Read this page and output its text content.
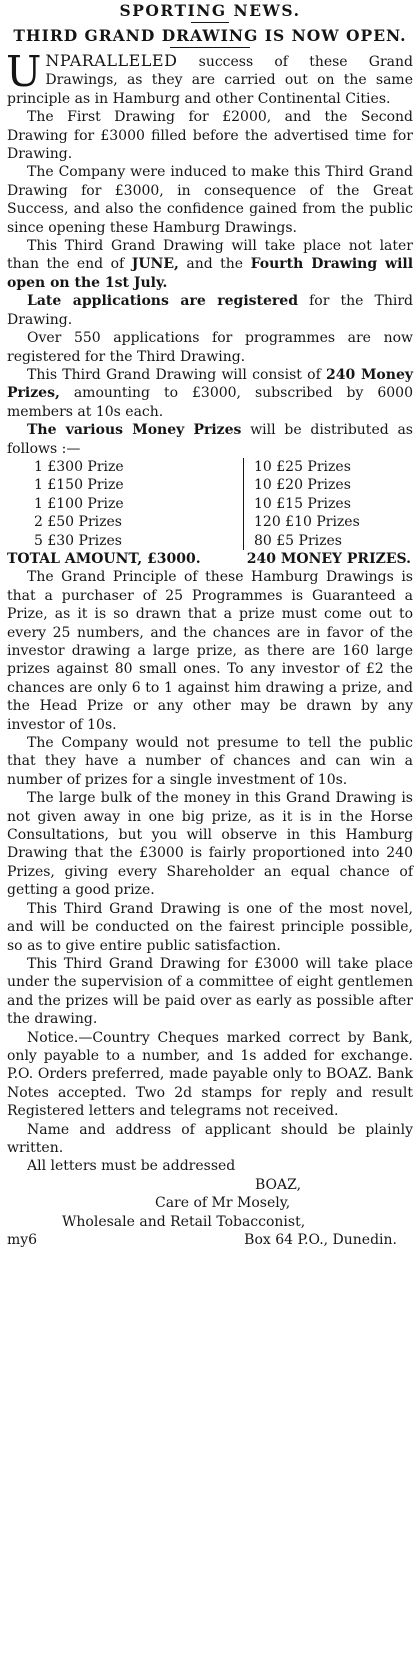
SPORTING NEWS.
THIRD GRAND DRAWING IS NOW OPEN.

UNPARALLELED success of these Grand Drawings, as they are carried out on the same principle as in Hamburg and other Continental Cities.

The First Drawing for £2000, and the Second Drawing for £3000 filled before the advertised time for Drawing.

The Company were induced to make this Third Grand Drawing for £3000, in consequence of the Great Success, and also the confidence gained from the public since opening these Hamburg Drawings.

This Third Grand Drawing will take place not later than the end of JUNE, and the Fourth Drawing will open on the 1st July.

Late applications are registered for the Third Drawing.

Over 550 applications for programmes are now registered for the Third Drawing.

This Third Grand Drawing will consist of 240 Money Prizes, amounting to £3000, subscribed by 6000 members at 10s each.

The various Money Prizes will be distributed as follows :—

1 £300 Prize
1 £150 Prize
1 £100 Prize
2 £50 Prizes
5 £30 Prizes
10 £25 Prizes
10 £20 Prizes
10 £15 Prizes
120 £10 Prizes
80 £5 Prizes

TOTAL AMOUNT, £3000.	240 MONEY PRIZES.

The Grand Principle of these Hamburg Drawings is that a purchaser of 25 Programmes is Guaranteed a Prize, as it is so drawn that a prize must come out to every 25 numbers, and the chances are in favor of the investor drawing a large prize, as there are 160 large prizes against 80 small ones. To any investor of £2 the chances are only 6 to 1 against him drawing a prize, and the Head Prize or any other may be drawn by any investor of 10s.

The Company would not presume to tell the public that they have a number of chances and can win a number of prizes for a single investment of 10s.

The large bulk of the money in this Grand Drawing is not given away in one big prize, as it is in the Horse Consultations, but you will observe in this Hamburg Drawing that the £3000 is fairly proportioned into 240 Prizes, giving every Shareholder an equal chance of getting a good prize.

This Third Grand Drawing is one of the most novel, and will be conducted on the fairest principle possible, so as to give entire public satisfaction.

This Third Grand Drawing for £3000 will take place under the supervision of a committee of eight gentlemen and the prizes will be paid over as early as possible after the drawing.

Notice.—Country Cheques marked correct by Bank, only payable to a number, and 1s added for exchange. P.O. Orders preferred, made payable only to BOAZ. Bank Notes accepted. Two 2d stamps for reply and result Registered letters and telegrams not received.

Name and address of applicant should be plainly written.

All letters must be addressed

BOAZ,
Care of Mr Mosely,
Wholesale and Retail Tobacconist,
my6	Box 64 P.O., Dunedin.
